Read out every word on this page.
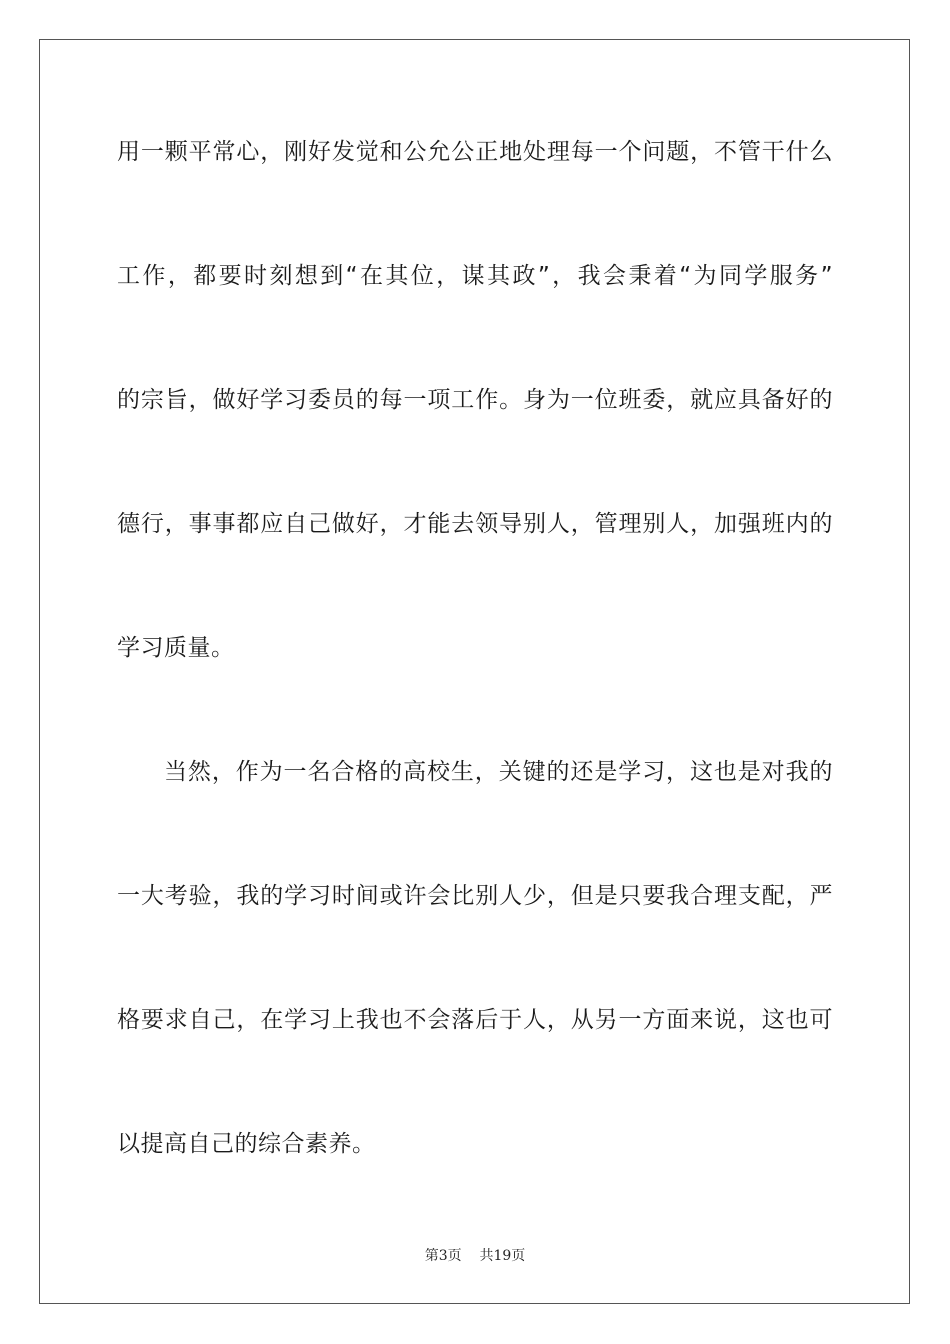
用一颗平常心，刚好发觉和公允公正地处理每一个问题，不管干什么
工作，都要时刻想到“在其位，谋其政”，我会秉着“为同学服务”
的宗旨，做好学习委员的每一项工作。身为一位班委，就应具备好的
德行，事事都应自己做好，才能去领导别人，管理别人，加强班内的
学习质量。
当然，作为一名合格的高校生，关键的还是学习，这也是对我的
一大考验，我的学习时间或许会比别人少，但是只要我合理支配，严
格要求自己，在学习上我也不会落后于人，从另一方面来说，这也可
以提高自己的综合素养。
第3页 共19页
